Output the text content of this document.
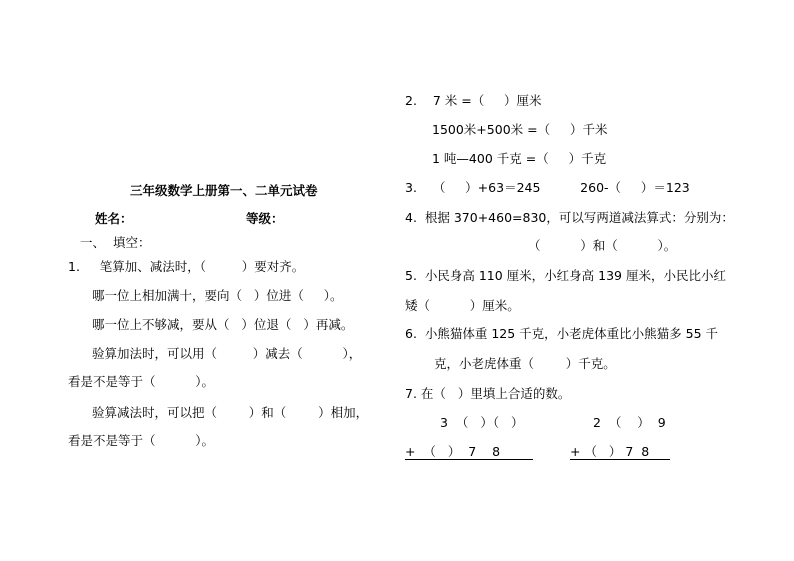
三年级数学上册第一、二单元试卷
姓名：	等级：
一、  填空：
1.     笔算加、减法时，（         ）要对齐。
哪一位上相加满十，要向（   ）位进（     ）。
哪一位上不够减，要从（   ）位退（   ）再减。
验算加法时，可以用（         ）减去（          ），
看是不是等于（          ）。
验算减法时，可以把（        ）和（        ）相加，
看是不是等于（          ）。
2.    7 米 =（     ）厘米
1500米+500米 =（     ）千米
1 吨—400 千克 =（     ）千克
3.    （     ）+63＝245          260-（     ）＝123
4.  根据 370+460=830，可以写两道减法算式：分别为：
（          ）和（          ）。
5.  小民身高 110 厘米，小红身高 139 厘米，小民比小红
矮（          ）厘米。
6.  小熊猫体重 125 千克，小老虎体重比小熊猫多 55 千
克，小老虎体重（        ）千克。
7. 在（   ）里填上合适的数。
3  （   ）（   ）
+  （   ）  7    8
2  （    ）  9
+ （   ） 7  8
